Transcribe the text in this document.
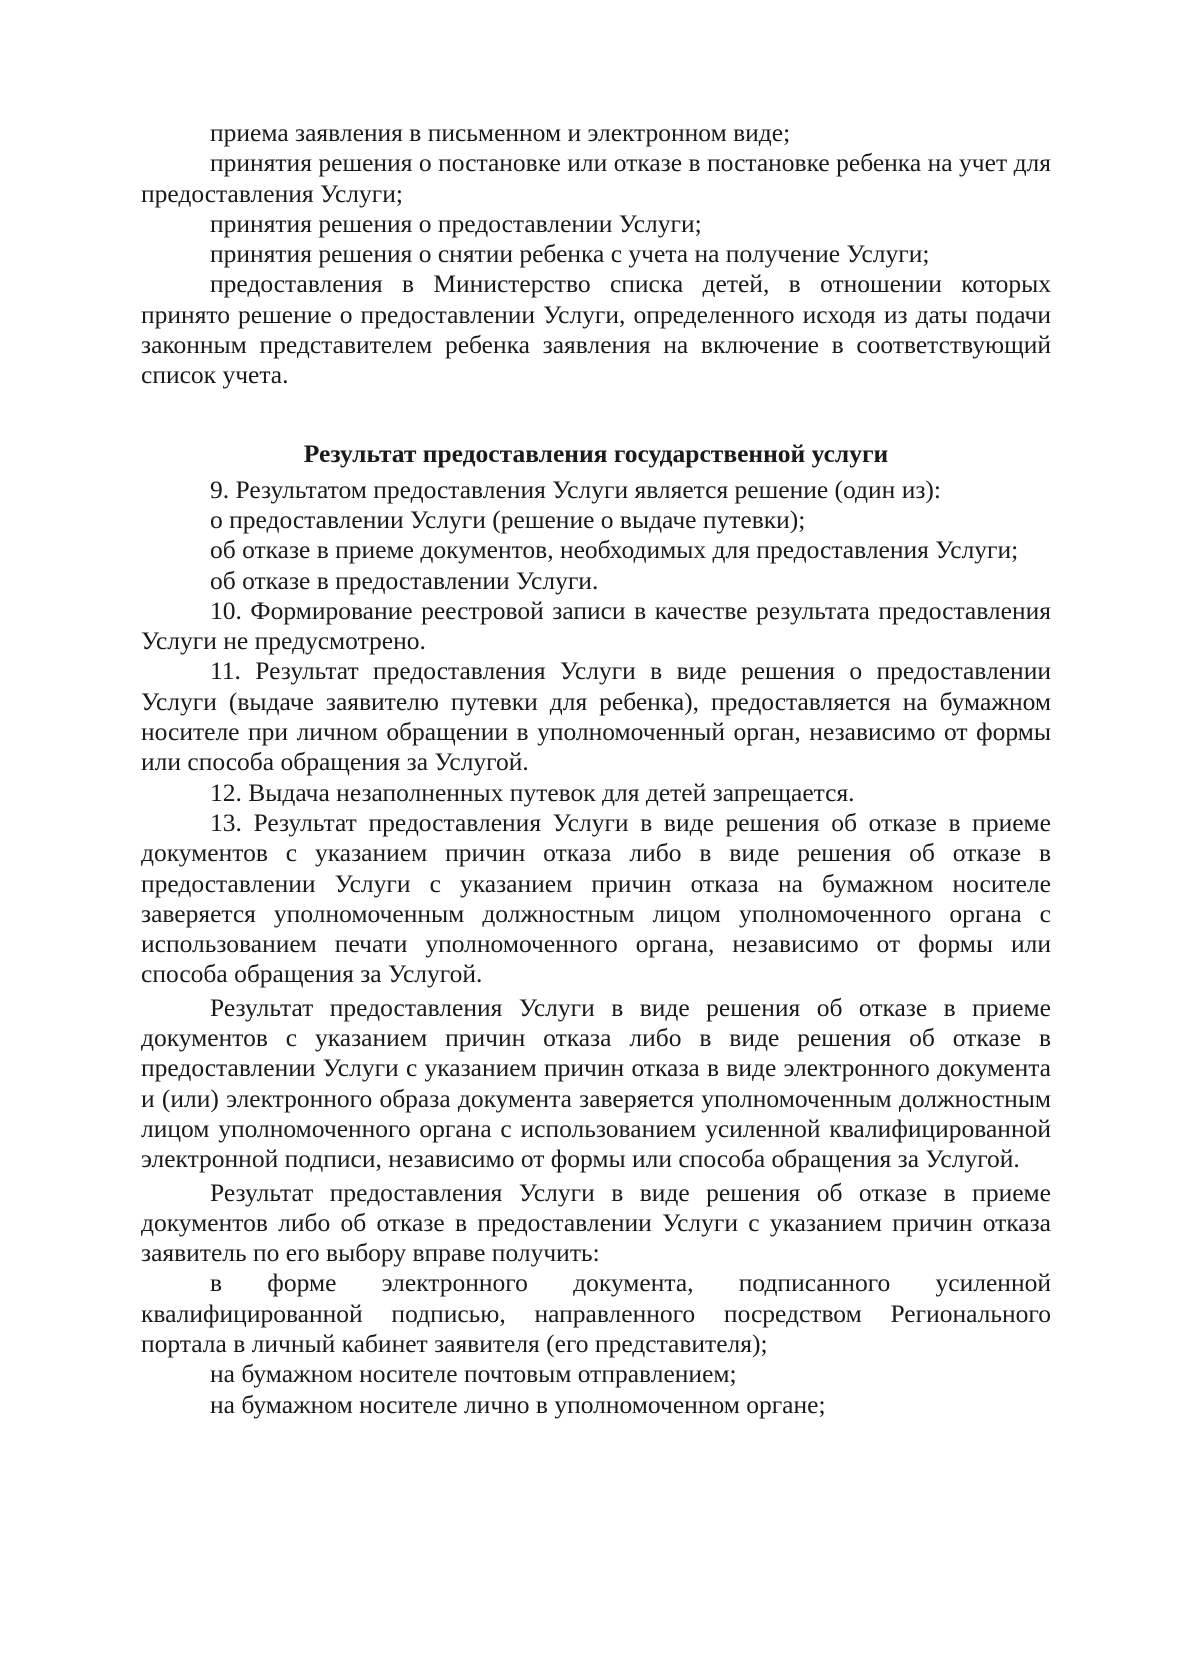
приема заявления в письменном и электронном виде;

принятия решения о постановке или отказе в постановке ребенка на учет для предоставления Услуги;

принятия решения о предоставлении Услуги;

принятия решения о снятии ребенка с учета на получение Услуги;

предоставления в Министерство списка детей, в отношении которых принято решение о предоставлении Услуги, определенного исходя из даты подачи законным представителем ребенка заявления на включение в соответствующий список учета.

Результат предоставления государственной услуги

9. Результатом предоставления Услуги является решение (один из):

о предоставлении Услуги (решение о выдаче путевки);

об отказе в приеме документов, необходимых для предоставления Услуги;

об отказе в предоставлении Услуги.

10. Формирование реестровой записи в качестве результата предоставления Услуги не предусмотрено.

11. Результат предоставления Услуги в виде решения о предоставлении Услуги (выдаче заявителю путевки для ребенка), предоставляется на бумажном носителе при личном обращении в уполномоченный орган, независимо от формы или способа обращения за Услугой.

12. Выдача незаполненных путевок для детей запрещается.

13. Результат предоставления Услуги в виде решения об отказе в приеме документов с указанием причин отказа либо в виде решения об отказе в предоставлении Услуги с указанием причин отказа на бумажном носителе заверяется уполномоченным должностным лицом уполномоченного органа с использованием печати уполномоченного органа, независимо от формы или способа обращения за Услугой.

Результат предоставления Услуги в виде решения об отказе в приеме документов с указанием причин отказа либо в виде решения об отказе в предоставлении Услуги с указанием причин отказа в виде электронного документа и (или) электронного образа документа заверяется уполномоченным должностным лицом уполномоченного органа с использованием усиленной квалифицированной электронной подписи, независимо от формы или способа обращения за Услугой.

Результат предоставления Услуги в виде решения об отказе в приеме документов либо об отказе в предоставлении Услуги с указанием причин отказа заявитель по его выбору вправе получить:

в форме электронного документа, подписанного усиленной квалифицированной подписью, направленного посредством Регионального портала в личный кабинет заявителя (его представителя);

на бумажном носителе почтовым отправлением;

на бумажном носителе лично в уполномоченном органе;
